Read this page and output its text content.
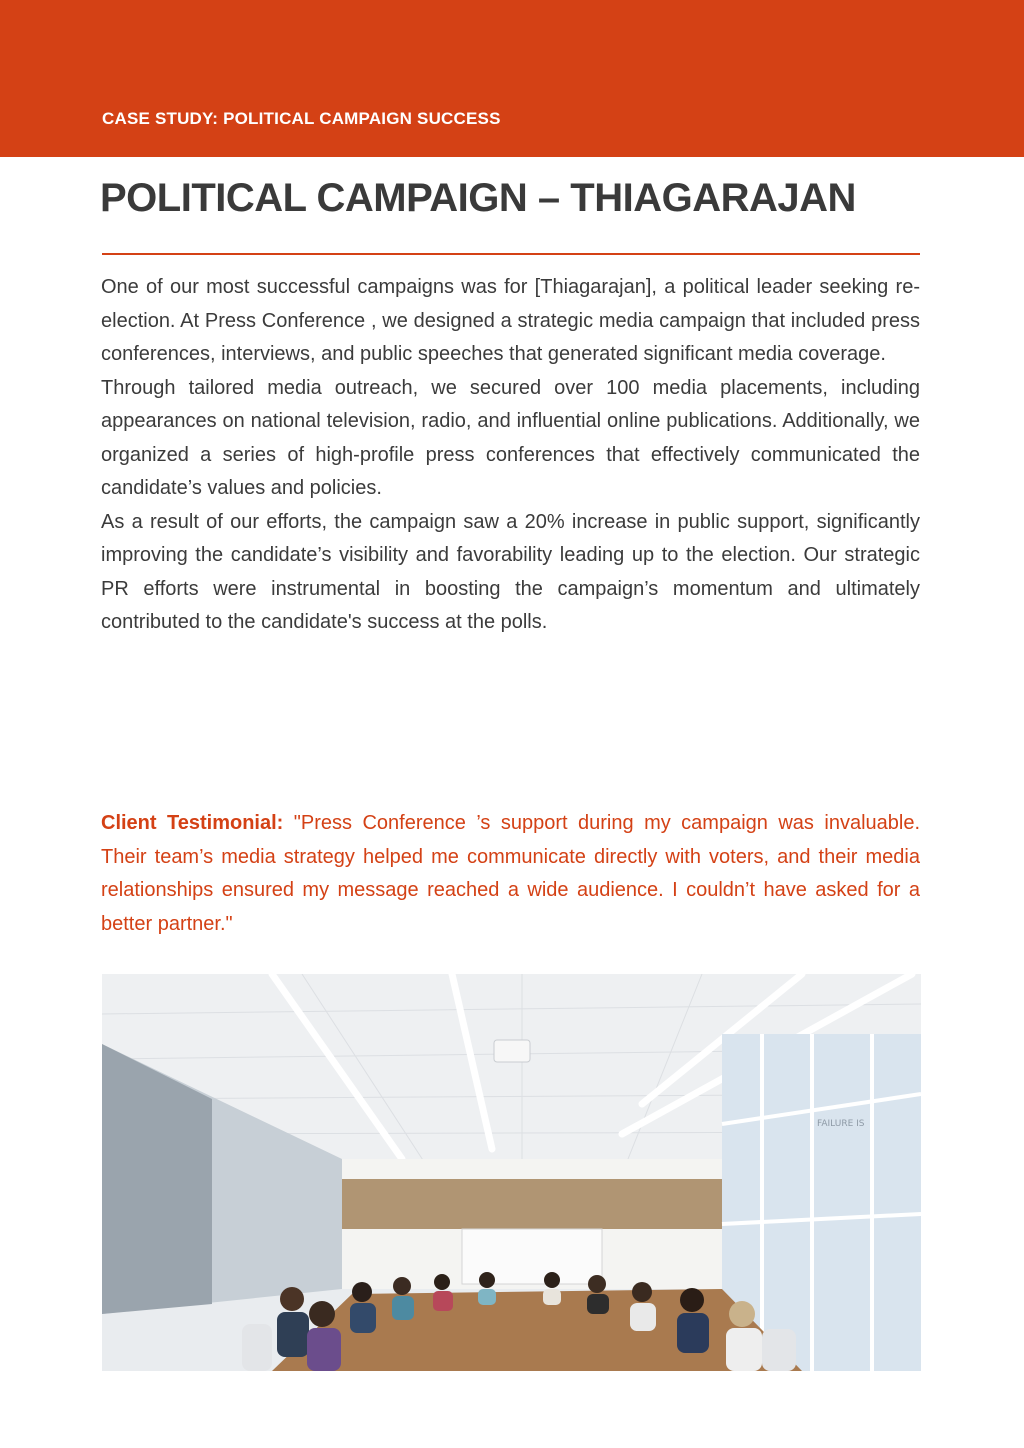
CASE STUDY: POLITICAL CAMPAIGN SUCCESS
POLITICAL CAMPAIGN – THIAGARAJAN

One of our most successful campaigns was for [Thiagarajan], a political leader seeking re-election. At Press Conference , we designed a strategic media campaign that included press conferences, interviews, and public speeches that generated significant media coverage.

Through tailored media outreach, we secured over 100 media placements, including appearances on national television, radio, and influential online publications. Additionally, we organized a series of high-profile press conferences that effectively communicated the candidate’s values and policies.

As a result of our efforts, the campaign saw a 20% increase in public support, significantly improving the candidate’s visibility and favorability leading up to the election. Our strategic PR efforts were instrumental in boosting the campaign’s momentum and ultimately contributed to the candidate's success at the polls.

Client Testimonial: "Press Conference ’s support during my campaign was invaluable. Their team’s media strategy helped me communicate directly with voters, and their media relationships ensured my message reached a wide audience. I couldn’t have asked for a better partner."

FAILURE IS
